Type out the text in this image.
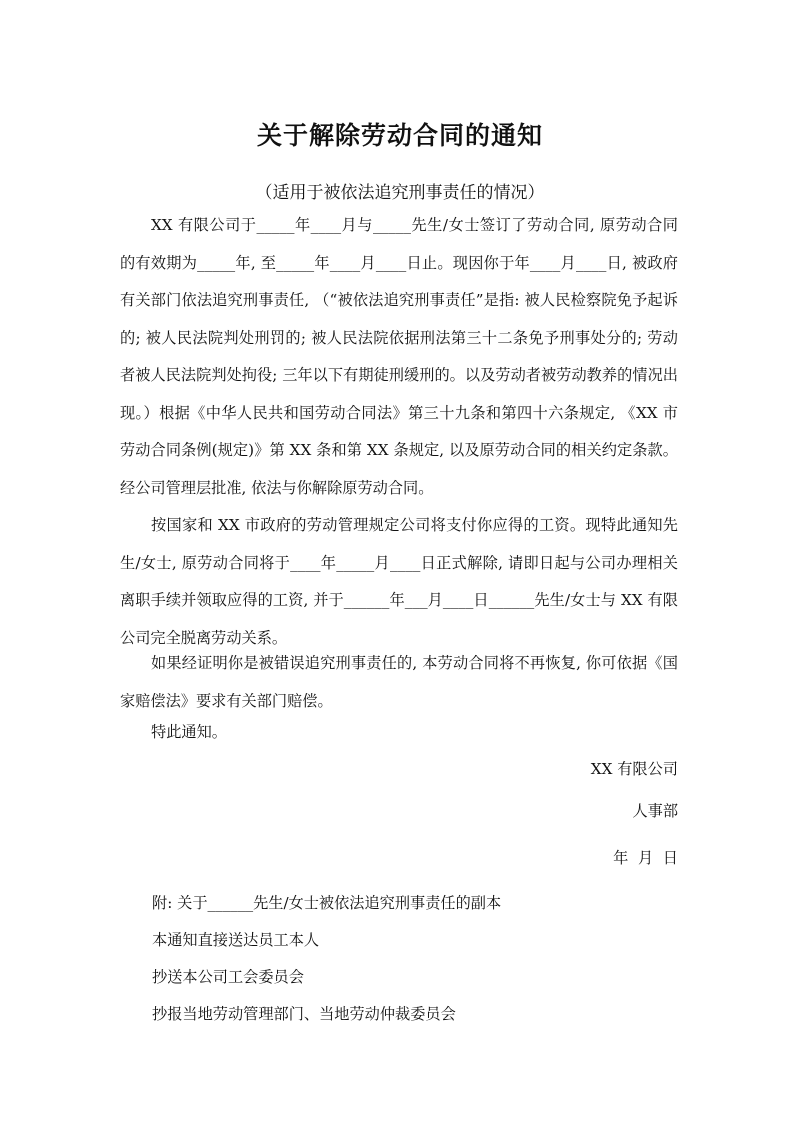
关于解除劳动合同的通知
（适用于被依法追究刑事责任的情况）
XX 有限公司于_____年____月与_____先生/女士签订了劳动合同, 原劳动合同的有效期为_____年, 至_____年____月____日止。现因你于年____月____日, 被政府有关部门依法追究刑事责任, （“被依法追究刑事责任”是指: 被人民检察院免予起诉的; 被人民法院判处刑罚的; 被人民法院依据刑法第三十二条免予刑事处分的; 劳动者被人民法院判处拘役; 三年以下有期徒刑缓刑的。以及劳动者被劳动教养的情况出现。）根据《中华人民共和国劳动合同法》第三十九条和第四十六条规定, 《XX 市劳动合同条例(规定)》第 XX 条和第 XX 条规定, 以及原劳动合同的相关约定条款。经公司管理层批准, 依法与你解除原劳动合同。
按国家和 XX 市政府的劳动管理规定公司将支付你应得的工资。现特此通知先生/女士, 原劳动合同将于____年_____月____日正式解除, 请即日起与公司办理相关离职手续并领取应得的工资, 并于______年___月____日______先生/女士与 XX 有限公司完全脱离劳动关系。
如果经证明你是被错误追究刑事责任的, 本劳动合同将不再恢复, 你可依据《国家赔偿法》要求有关部门赔偿。
特此通知。
XX 有限公司
人事部
年  月  日
附: 关于______先生/女士被依法追究刑事责任的副本
本通知直接送达员工本人
抄送本公司工会委员会
抄报当地劳动管理部门、当地劳动仲裁委员会
